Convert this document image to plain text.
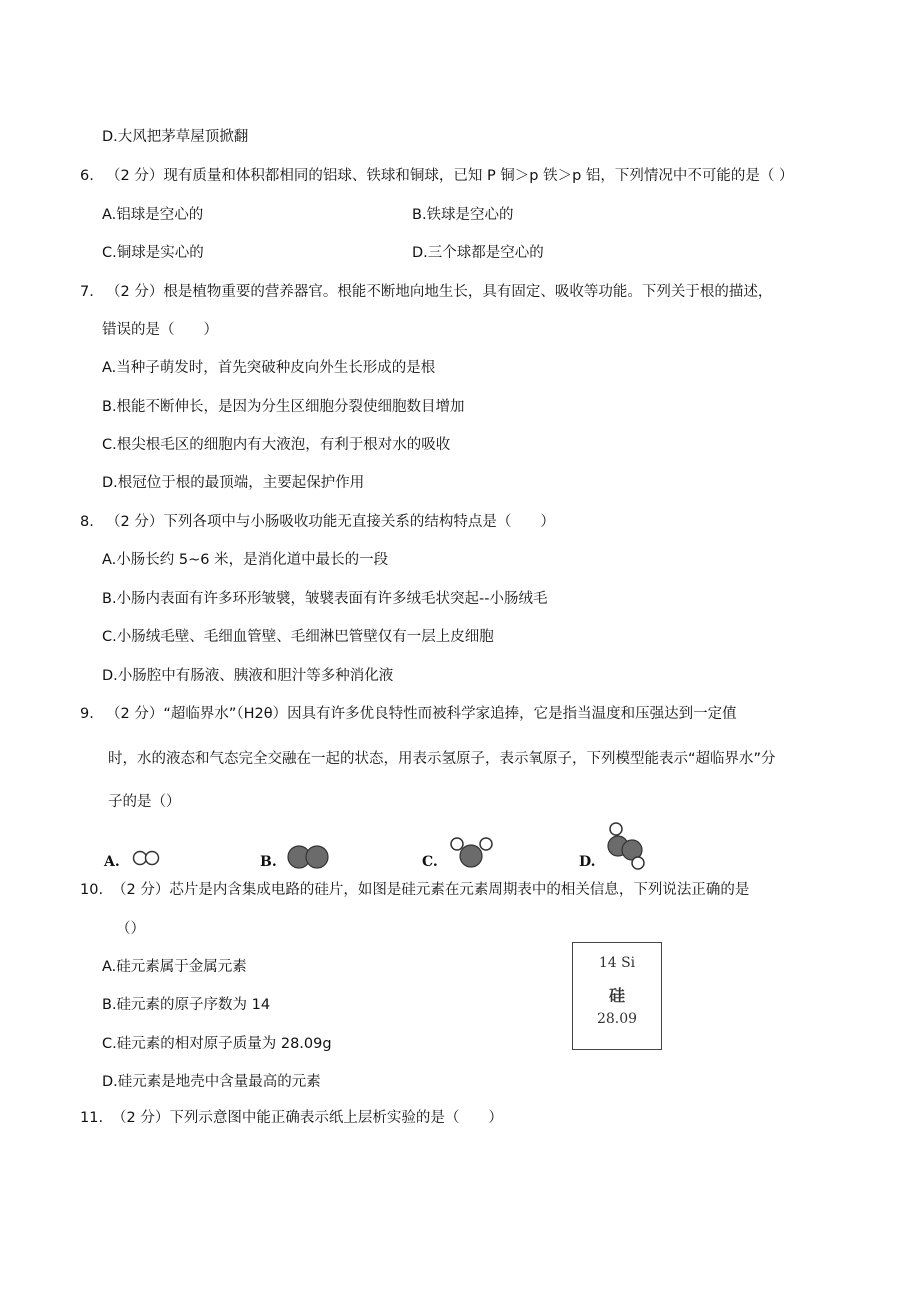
D.大风把茅草屋顶掀翻
6. （2 分）现有质量和体积都相同的铝球、铁球和铜球，已知 P 铜＞p 铁＞p 铝，下列情况中不可能的是（ ）
A.铝球是空心的	B.铁球是空心的
C.铜球是实心的	D.三个球都是空心的
7. （2 分）根是植物重要的营养器官。根能不断地向地生长，具有固定、吸收等功能。下列关于根的描述，
错误的是（　　）
A.当种子萌发时，首先突破种皮向外生长形成的是根
B.根能不断伸长，是因为分生区细胞分裂使细胞数目增加
C.根尖根毛区的细胞内有大液泡，有利于根对水的吸收
D.根冠位于根的最顶端，主要起保护作用
8. （2 分）下列各项中与小肠吸收功能无直接关系的结构特点是（　　）
A.小肠长约 5~6 米，是消化道中最长的一段
B.小肠内表面有许多环形皱襞，皱襞表面有许多绒毛状突起--小肠绒毛
C.小肠绒毛壁、毛细血管壁、毛细淋巴管壁仅有一层上皮细胞
D.小肠腔中有肠液、胰液和胆汁等多种消化液
9. （2 分）“超临界水”（H2θ）因具有许多优良特性而被科学家追捧，它是指当温度和压强达到一定值
时，水的液态和气态完全交融在一起的状态，用表示氢原子，表示氧原子，下列模型能表示“超临界水”分
子的是（）
A.	B.	C.	D.
10. （2 分）芯片是内含集成电路的硅片，如图是硅元素在元素周期表中的相关信息，下列说法正确的是
（）
A.硅元素属于金属元素
B.硅元素的原子序数为 14
C.硅元素的相对原子质量为 28.09g
D.硅元素是地壳中含量最高的元素
14 Si
硅
28.09
11. （2 分）下列示意图中能正确表示纸上层析实验的是（　　）
